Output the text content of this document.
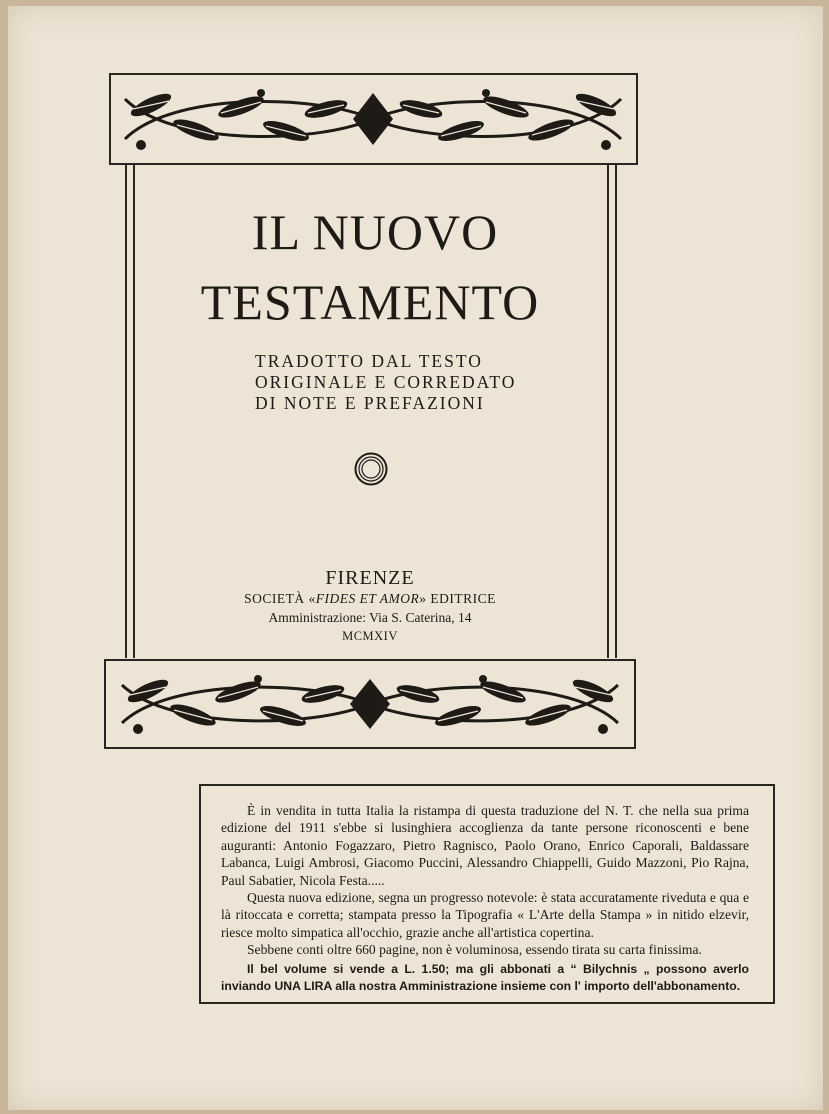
IL NUOVO
TESTAMENTO
TRADOTTO DAL TESTO
ORIGINALE E CORREDATO
DI NOTE E PREFAZIONI
FIRENZE
SOCIETÀ «FIDES ET AMOR» EDITRICE
Amministrazione: Via S. Caterina, 14
MCMXIV

È in vendita in tutta Italia la ristampa di questa traduzione del N. T. che nella sua prima edizione del 1911 s'ebbe si lusinghiera accoglienza da tante persone riconoscenti e bene auguranti: Antonio Fogazzaro, Pietro Ragnisco, Paolo Orano, Enrico Caporali, Baldassare Labanca, Luigi Ambrosi, Giacomo Puccini, Alessandro Chiappelli, Guido Mazzoni, Pio Rajna, Paul Sabatier, Nicola Festa.....

Questa nuova edizione, segna un progresso notevole: è stata accuratamente riveduta e qua e là ritoccata e corretta; stampata presso la Tipografia « L'Arte della Stampa » in nitido elzevir, riesce molto simpatica all'occhio, grazie anche all'artistica copertina.

Sebbene conti oltre 660 pagine, non è voluminosa, essendo tirata su carta finissima.

Il bel volume si vende a L. 1.50; ma gli abbonati a “ Bilychnis „ possono averlo inviando UNA LIRA alla nostra Amministrazione insieme con l' importo dell'abbonamento.
